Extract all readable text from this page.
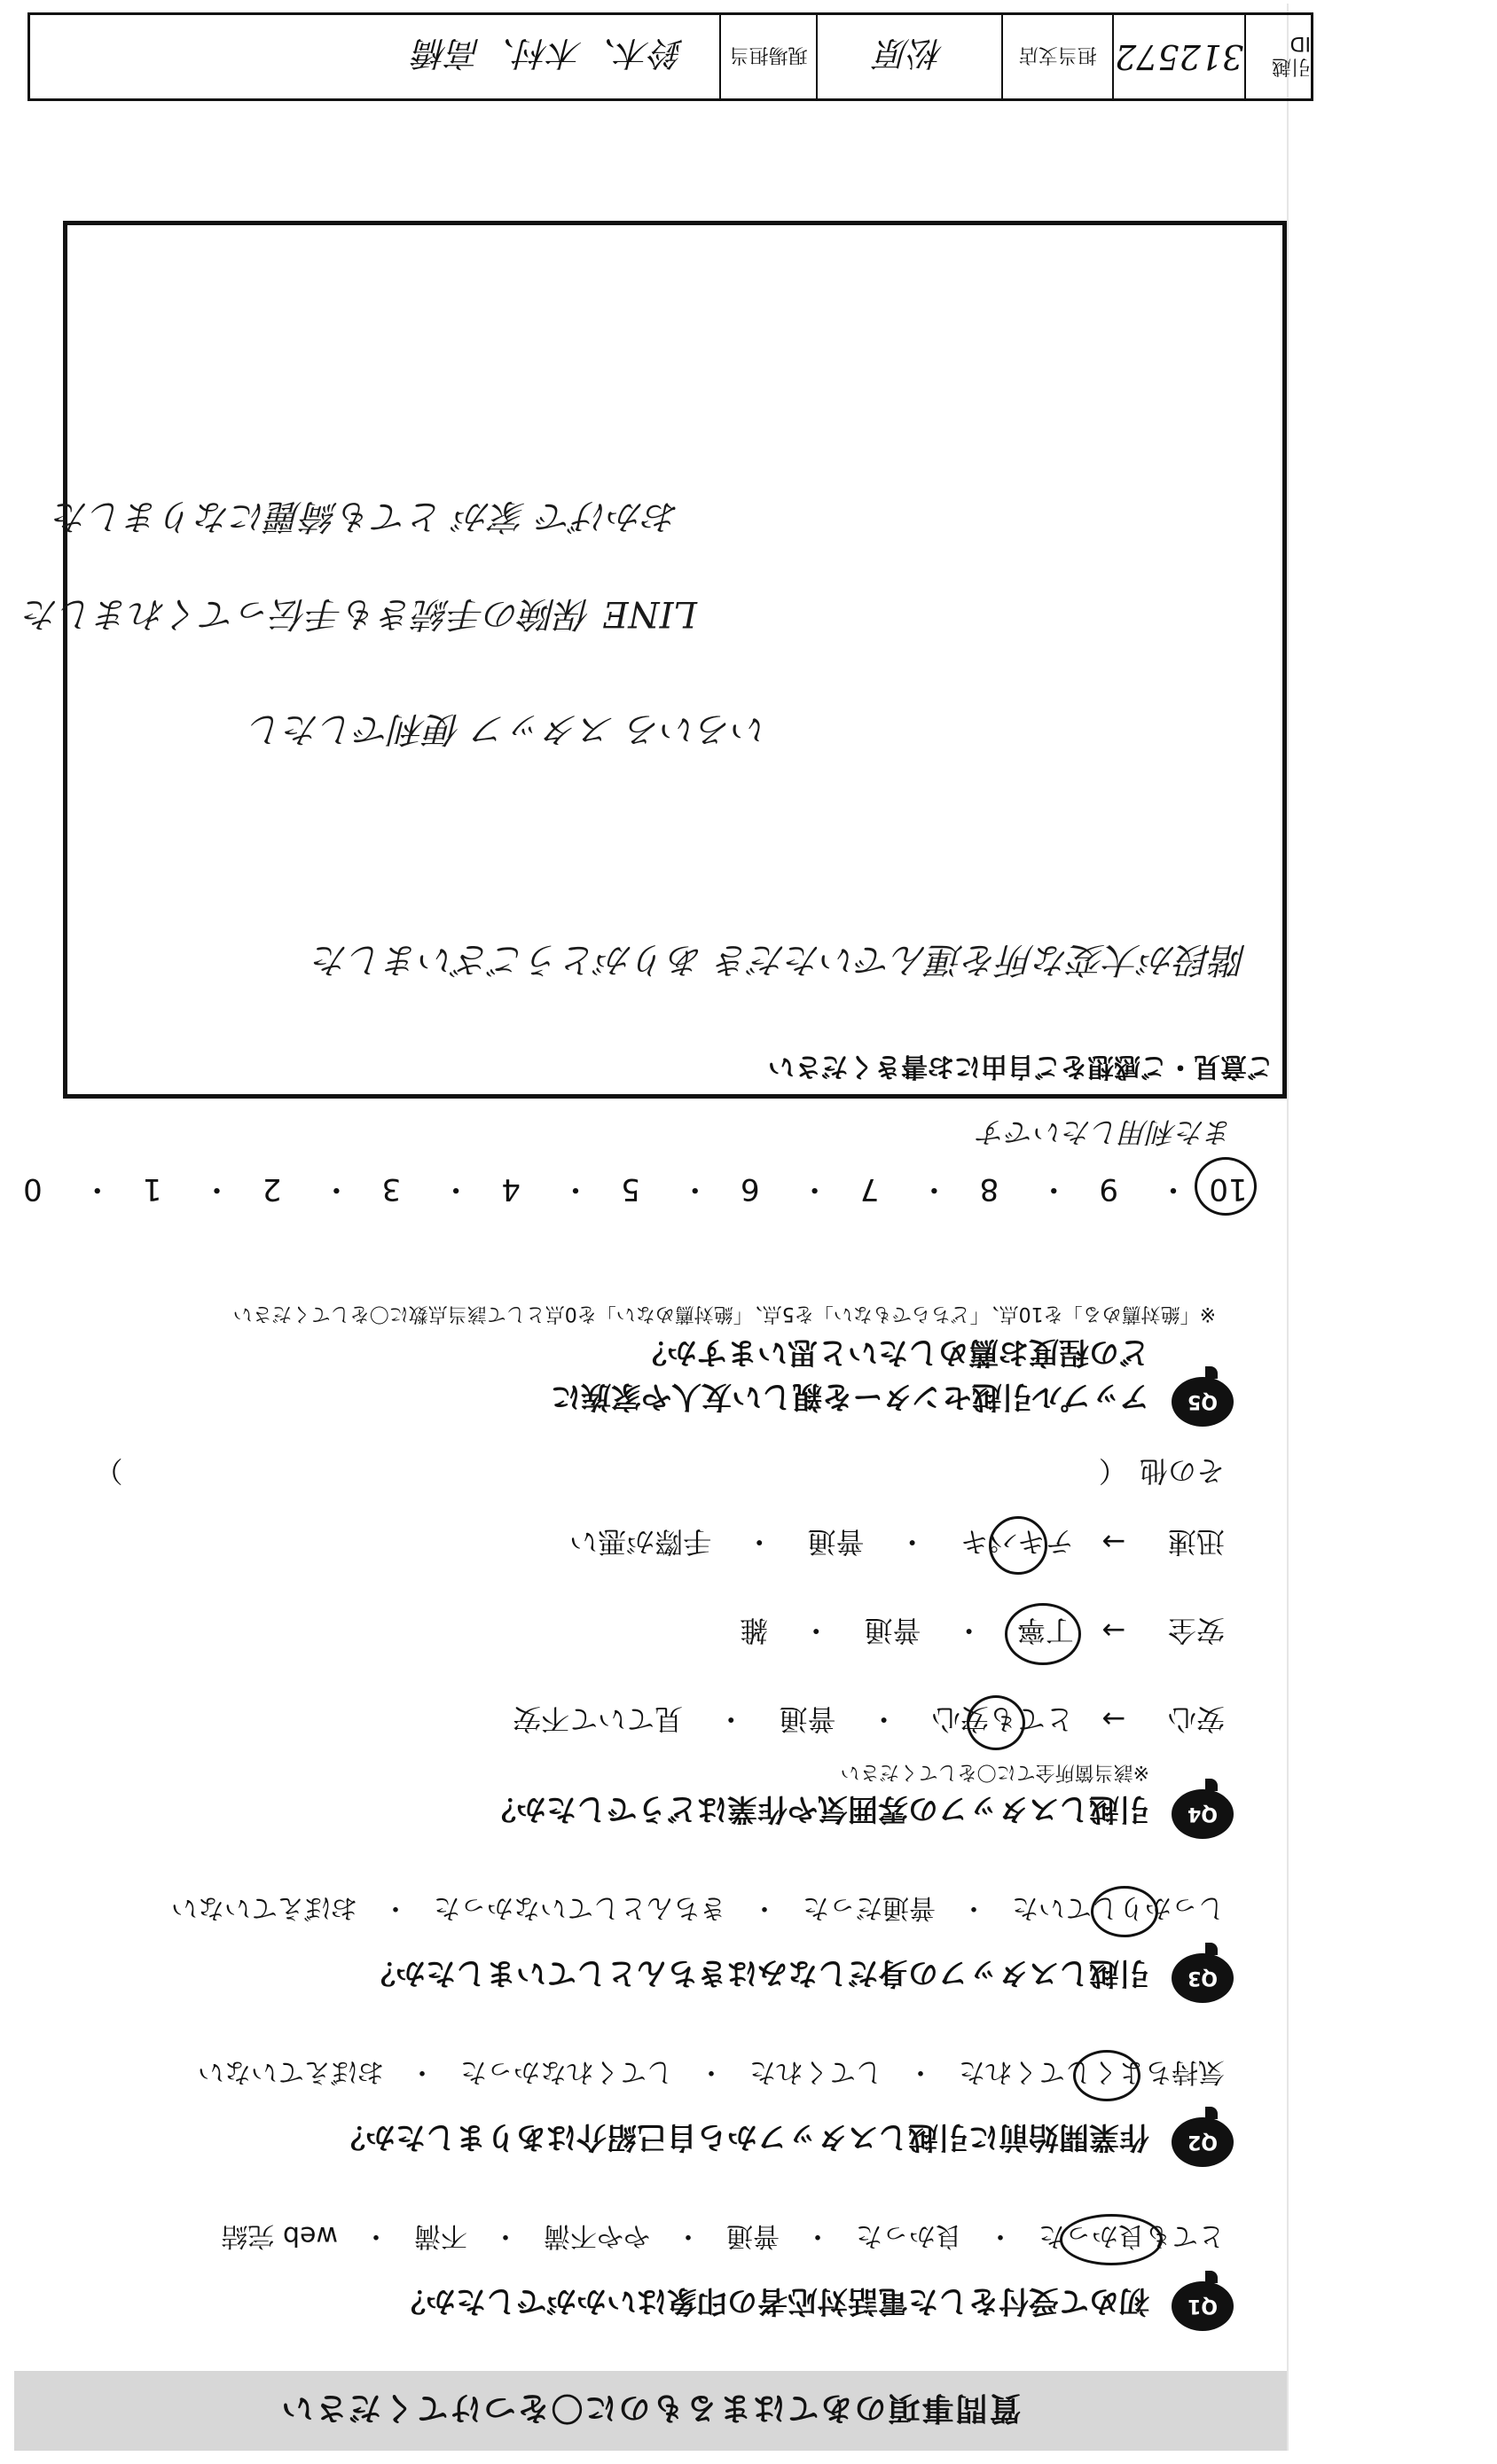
質問事項のあてはまるものに〇をつけてください
Q1
初めて受付をした電話対応者の印象はいかがでしたか？
とても良かった
・
良かった
・
普通
・
やや不満
・
不満
・
web 完結
Q2
作業開始前に引越しスタッフから自己紹介はありましたか？
気持ちよくしてくれた
・
してくれた
・
してくれなかった
・
おぼえていない
Q3
引越しスタッフの身だしなみはきちんとしていましたか？
しっかりしていた
・
普通だった
・
きちんとしていなかった
・
おぼえていない
Q4
引越しスタッフの雰囲気や作業はどうでしたか？
※該当箇所全てに〇をしてください
安心→ とても安心
・ 普通 ・ 見ていて不安
安全→ 丁寧
・ 普通 ・ 雑
迅速→ テキパキ
・ 普通 ・ 手際が悪い
その他 （  ）
Q5
アップル引越センターを親しい友人や家族に
どの程度お薦めしたいと思いますか？
※「絶対薦める」を10点、「どちらでもない」を5点、「絶対薦めない」を0点として該当点数に〇をしてください
10
・ 9・ 8・ 7・ 6・ 5・ 4・ 3・ 2・ 1・ 0
また利用したいです
ご意見・ご感想をご自由にお書きください
階段が大変な所を運んでいただき ありがとうございました
いろいろ スタッフ 便利でしたし
LINE 保険の手続きも手伝ってくれました
おかげで 家が とても綺麗になりました
引越 ID
312572
担当支店
松原
現場担当
鈴木、木村、高橋
